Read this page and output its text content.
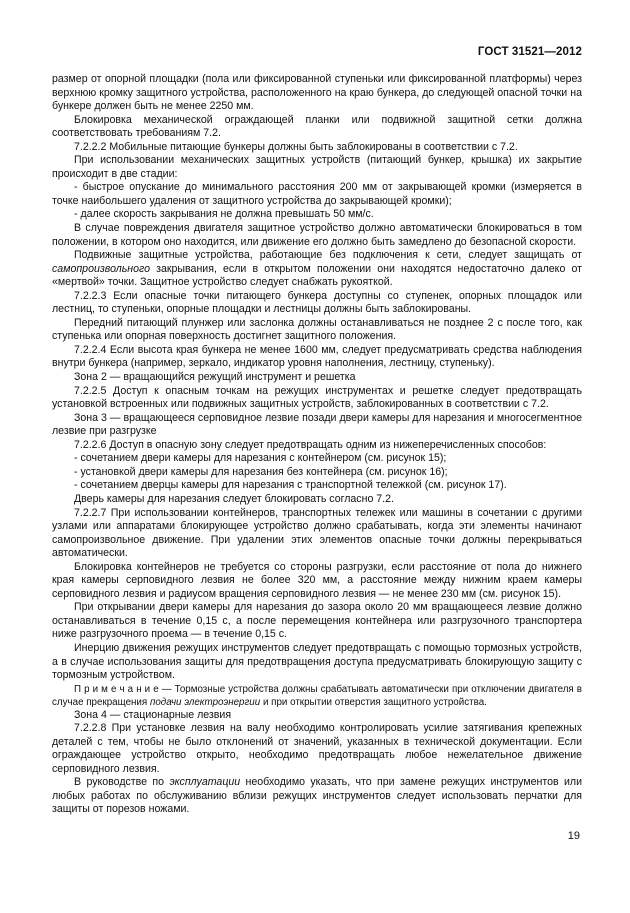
ГОСТ 31521—2012

размер от опорной площадки (пола или фиксированной ступеньки или фиксированной платформы) через верхнюю кромку защитного устройства, расположенного на краю бункера, до следующей опасной точки на бункере должен быть не менее 2250 мм.

Блокировка механической ограждающей планки или подвижной защитной сетки должна соответствовать требованиям 7.2.

7.2.2.2 Мобильные питающие бункеры должны быть заблокированы в соответствии с 7.2.

При использовании механических защитных устройств (питающий бункер, крышка) их закрытие происходит в две стадии:

- быстрое опускание до минимального расстояния 200 мм от закрывающей кромки (измеряется в точке наибольшего удаления от защитного устройства до закрывающей кромки);

- далее скорость закрывания не должна превышать 50 мм/с.

В случае повреждения двигателя защитное устройство должно автоматически блокироваться в том положении, в котором оно находится, или движение его должно быть замедлено до безопасной скорости.

Подвижные защитные устройства, работающие без подключения к сети, следует защищать от самопроизвольного закрывания, если в открытом положении они находятся недостаточно далеко от «мертвой» точки. Защитное устройство следует снабжать рукояткой.

7.2.2.3 Если опасные точки питающего бункера доступны со ступенек, опорных площадок или лестниц, то ступеньки, опорные площадки и лестницы должны быть заблокированы.

Передний питающий плунжер или заслонка должны останавливаться не позднее 2 с после того, как ступенька или опорная поверхность достигнет защитного положения.

7.2.2.4 Если высота края бункера не менее 1600 мм, следует предусматривать средства наблюдения внутри бункера (например, зеркало, индикатор уровня наполнения, лестницу, ступеньку).

Зона 2 — вращающийся режущий инструмент и решетка

7.2.2.5 Доступ к опасным точкам на режущих инструментах и решетке следует предотвращать установкой встроенных или подвижных защитных устройств, заблокированных в соответствии с 7.2.

Зона 3 — вращающееся серповидное лезвие позади двери камеры для нарезания и многосегментное лезвие при разгрузке

7.2.2.6 Доступ в опасную зону следует предотвращать одним из нижеперечисленных способов:

- сочетанием двери камеры для нарезания с контейнером (см. рисунок 15);

- установкой двери камеры для нарезания без контейнера (см. рисунок 16);

- сочетанием дверцы камеры для нарезания с транспортной тележкой (см. рисунок 17).

Дверь камеры для нарезания следует блокировать согласно 7.2.

7.2.2.7 При использовании контейнеров, транспортных тележек или машины в сочетании с другими узлами или аппаратами блокирующее устройство должно срабатывать, когда эти элементы начинают самопроизвольное движение. При удалении этих элементов опасные точки должны перекрываться автоматически.

Блокировка контейнеров не требуется со стороны разгрузки, если расстояние от пола до нижнего края камеры серповидного лезвия не более 320 мм, а расстояние между нижним краем камеры серповидного лезвия и радиусом вращения серповидного лезвия — не менее 230 мм (см. рисунок 15).

При открывании двери камеры для нарезания до зазора около 20 мм вращающееся лезвие должно останавливаться в течение 0,15 с, а после перемещения контейнера или разгрузочного транспортера ниже разгрузочного проема — в течение 0,15 с.

Инерцию движения режущих инструментов следует предотвращать с помощью тормозных устройств, а в случае использования защиты для предотвращения доступа предусматривать блокирующую защиту с тормозным устройством.

П р и м е ч а н и е — Тормозные устройства должны срабатывать автоматически при отключении двигателя в случае прекращения подачи электроэнергии и при открытии отверстия защитного устройства.

Зона 4 — стационарные лезвия

7.2.2.8 При установке лезвия на валу необходимо контролировать усилие затягивания крепежных деталей с тем, чтобы не было отклонений от значений, указанных в технической документации. Если ограждающее устройство открыто, необходимо предотвращать любое нежелательное движение серповидного лезвия.

В руководстве по эксплуатации необходимо указать, что при замене режущих инструментов или любых работах по обслуживанию вблизи режущих инструментов следует использовать перчатки для защиты от порезов ножами.

19
